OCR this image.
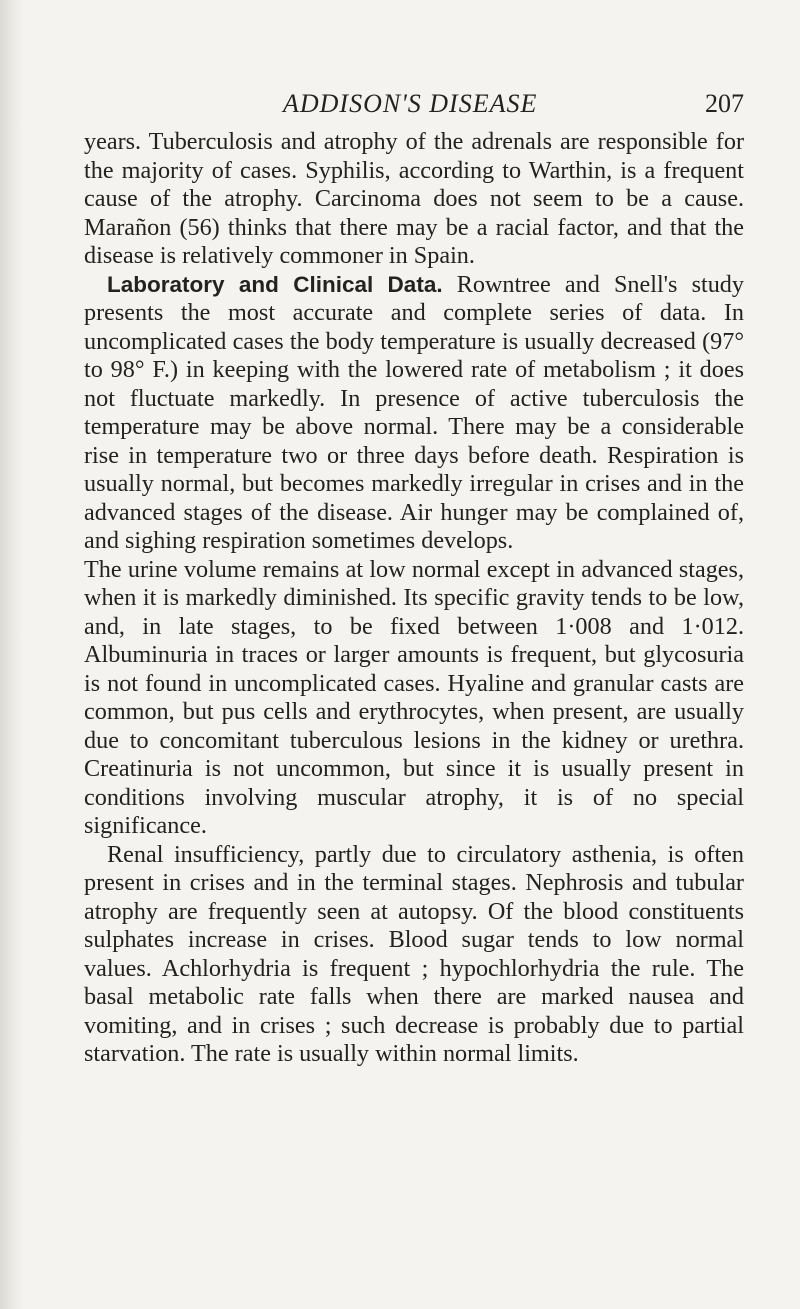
ADDISON'S DISEASE	207

years. Tuberculosis and atrophy of the adrenals are responsible for the majority of cases. Syphilis, according to Warthin, is a frequent cause of the atrophy. Carcinoma does not seem to be a cause. Marañon (56) thinks that there may be a racial factor, and that the disease is relatively commoner in Spain.

Laboratory and Clinical Data. Rowntree and Snell's study presents the most accurate and complete series of data. In uncomplicated cases the body temperature is usually decreased (97° to 98° F.) in keeping with the lowered rate of metabolism ; it does not fluctuate markedly. In presence of active tuberculosis the temperature may be above normal. There may be a considerable rise in temperature two or three days before death. Respiration is usually normal, but becomes markedly irregular in crises and in the advanced stages of the disease. Air hunger may be complained of, and sighing respiration sometimes develops.

The urine volume remains at low normal except in advanced stages, when it is markedly diminished. Its specific gravity tends to be low, and, in late stages, to be fixed between 1·008 and 1·012. Albuminuria in traces or larger amounts is frequent, but glycosuria is not found in uncomplicated cases. Hyaline and granular casts are common, but pus cells and erythrocytes, when present, are usually due to concomitant tuberculous lesions in the kidney or urethra. Creatinuria is not uncommon, but since it is usually present in conditions involving muscular atrophy, it is of no special significance.

Renal insufficiency, partly due to circulatory asthenia, is often present in crises and in the terminal stages. Nephrosis and tubular atrophy are frequently seen at autopsy. Of the blood constituents sulphates increase in crises. Blood sugar tends to low normal values. Achlorhydria is frequent ; hypochlorhydria the rule. The basal metabolic rate falls when there are marked nausea and vomiting, and in crises ; such decrease is probably due to partial starvation. The rate is usually within normal limits.
